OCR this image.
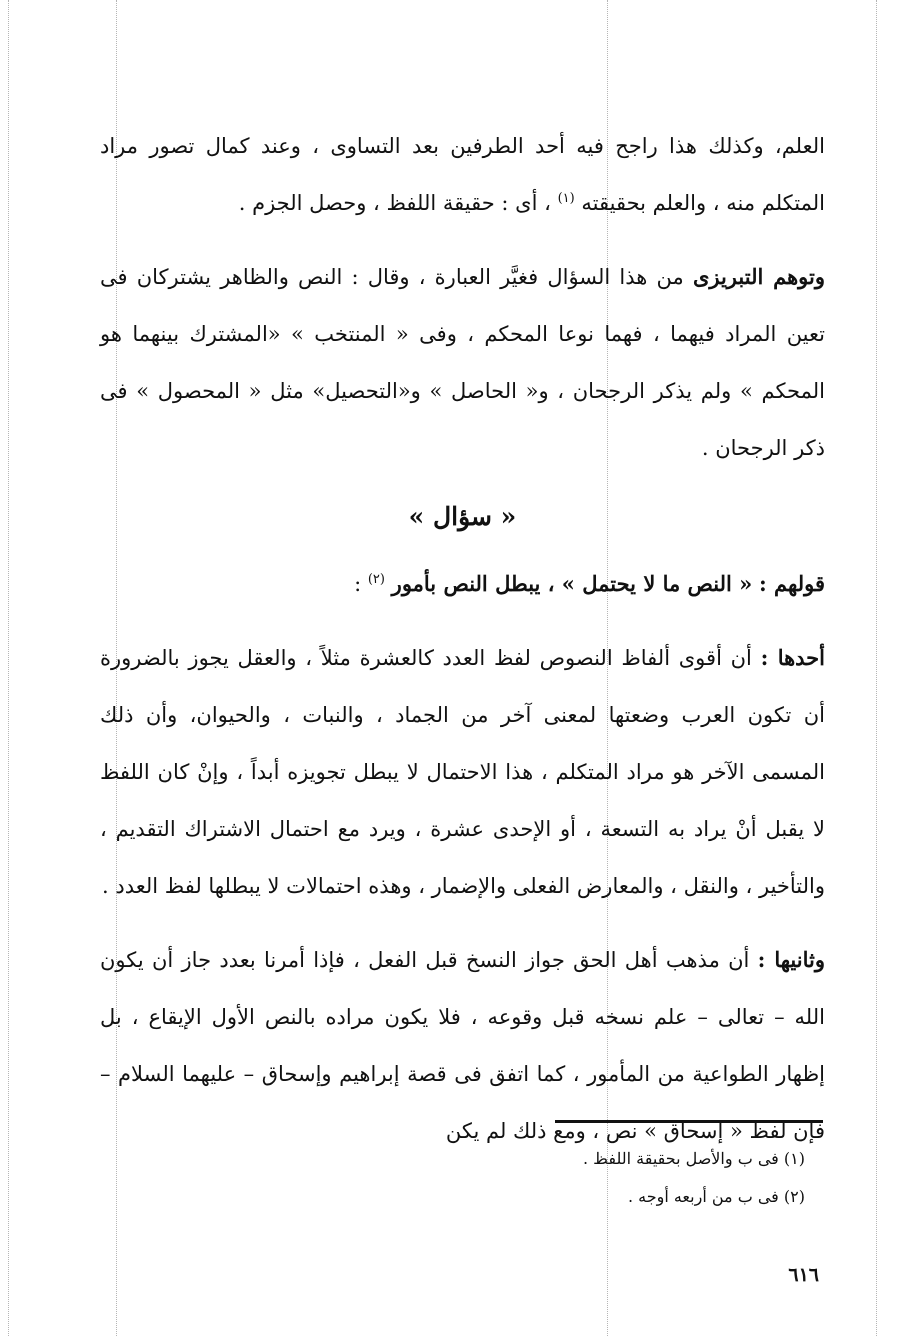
العلم، وكذلك هذا راجح فيه أحد الطرفين بعد التساوى ، وعند كمال تصور مراد المتكلم منه ، والعلم بحقيقته $^{(١)}$ ، أى : حقيقة اللفظ ، وحصل الجزم .

وتوهم التبريزى من هذا السؤال فغيَّر العبارة ، وقال : النص والظاهر يشتركان فى تعين المراد فيهما ، فهما نوعا المحكم ، وفى « المنتخب » «المشترك بينهما هو المحكم » ولم يذكر الرجحان ، و« الحاصل » و«التحصيل» مثل « المحصول » فى ذكر الرجحان .

« سؤال »

قولهم : « النص ما لا يحتمل » ، يبطل النص بأمور $^{(٢)}$ :

أحدها : أن أقوى ألفاظ النصوص لفظ العدد كالعشرة مثلاً ، والعقل يجوز بالضرورة أن تكون العرب وضعتها لمعنى آخر من الجماد ، والنبات ، والحيوان، وأن ذلك المسمى الآخر هو مراد المتكلم ، هذا الاحتمال لا يبطل تجويزه أبداً ، وإنْ كان اللفظ لا يقبل أنْ يراد به التسعة ، أو الإحدى عشرة ، ويرد مع احتمال الاشتراك التقديم ، والتأخير ، والنقل ، والمعارض الفعلى والإضمار ، وهذه احتمالات لا يبطلها لفظ العدد .

وثانيها : أن مذهب أهل الحق جواز النسخ قبل الفعل ، فإذا أمرنا بعدد جاز أن يكون الله – تعالى – علم نسخه قبل وقوعه ، فلا يكون مراده بالنص الأول الإيقاع ، بل إظهار الطواعية من المأمور ، كما اتفق فى قصة إبراهيم وإسحاق – عليهما السلام – فإن لفظ « إسحاق » نص ، ومع ذلك لم يكن

(١) فى ب والأصل بحقيقة اللفظ .
(٢) فى ب من أربعه أوجه .
٦١٦
